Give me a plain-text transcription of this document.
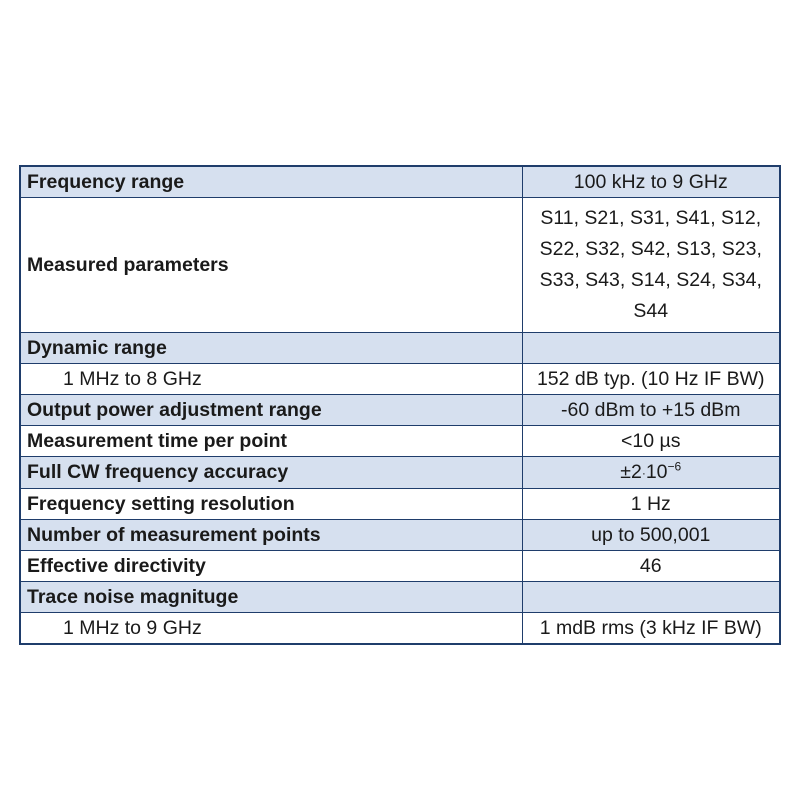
Frequency range	100 kHz to 9 GHz
Measured parameters	S11, S21, S31, S41, S12,
S22, S32, S42, S13, S23,
S33, S43, S14, S24, S34,
S44

Dynamic range	
1 MHz to 8 GHz	152 dB typ. (10 Hz IF BW)
Output power adjustment range	-60 dBm to +15 dBm
Measurement time per point	<10 µs
Full CW frequency accuracy	$\pm 2\cdot 10^{-6}$
Frequency setting resolution	1 Hz
Number of measurement points	up to 500,001
Effective directivity	46
Trace noise magnituge	
1 MHz to 9 GHz	1 mdB rms (3 kHz IF BW)
